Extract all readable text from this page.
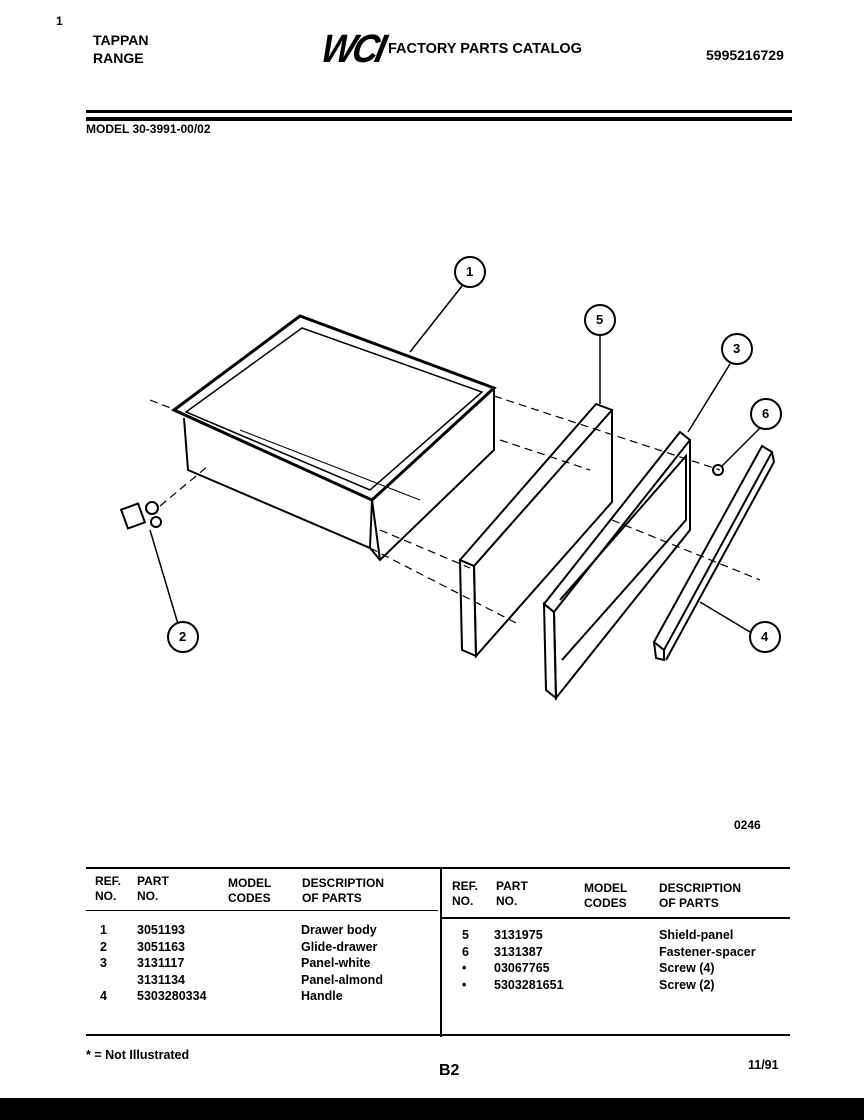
1
TAPPAN
RANGE	WCI FACTORY PARTS CATALOG	5995216729
MODEL 30-3991-00/02
1
2
3
4
5
6
0246
REF.
NO.
PART
NO.
MODEL
CODES
DESCRIPTION
OF PARTS
REF.
NO.
PART
NO.
MODEL
CODES
DESCRIPTION
OF PARTS
1	3051193	Drawer body
2	3051163	Glide-drawer
3	3131117	Panel-white
3131134	Panel-almond
4	5303280334	Handle
5	3131975	Shield-panel
6	3131387	Fastener-spacer
•	03067765	Screw (4)
•	5303281651	Screw (2)
* = Not Illustrated
B2	11/91
